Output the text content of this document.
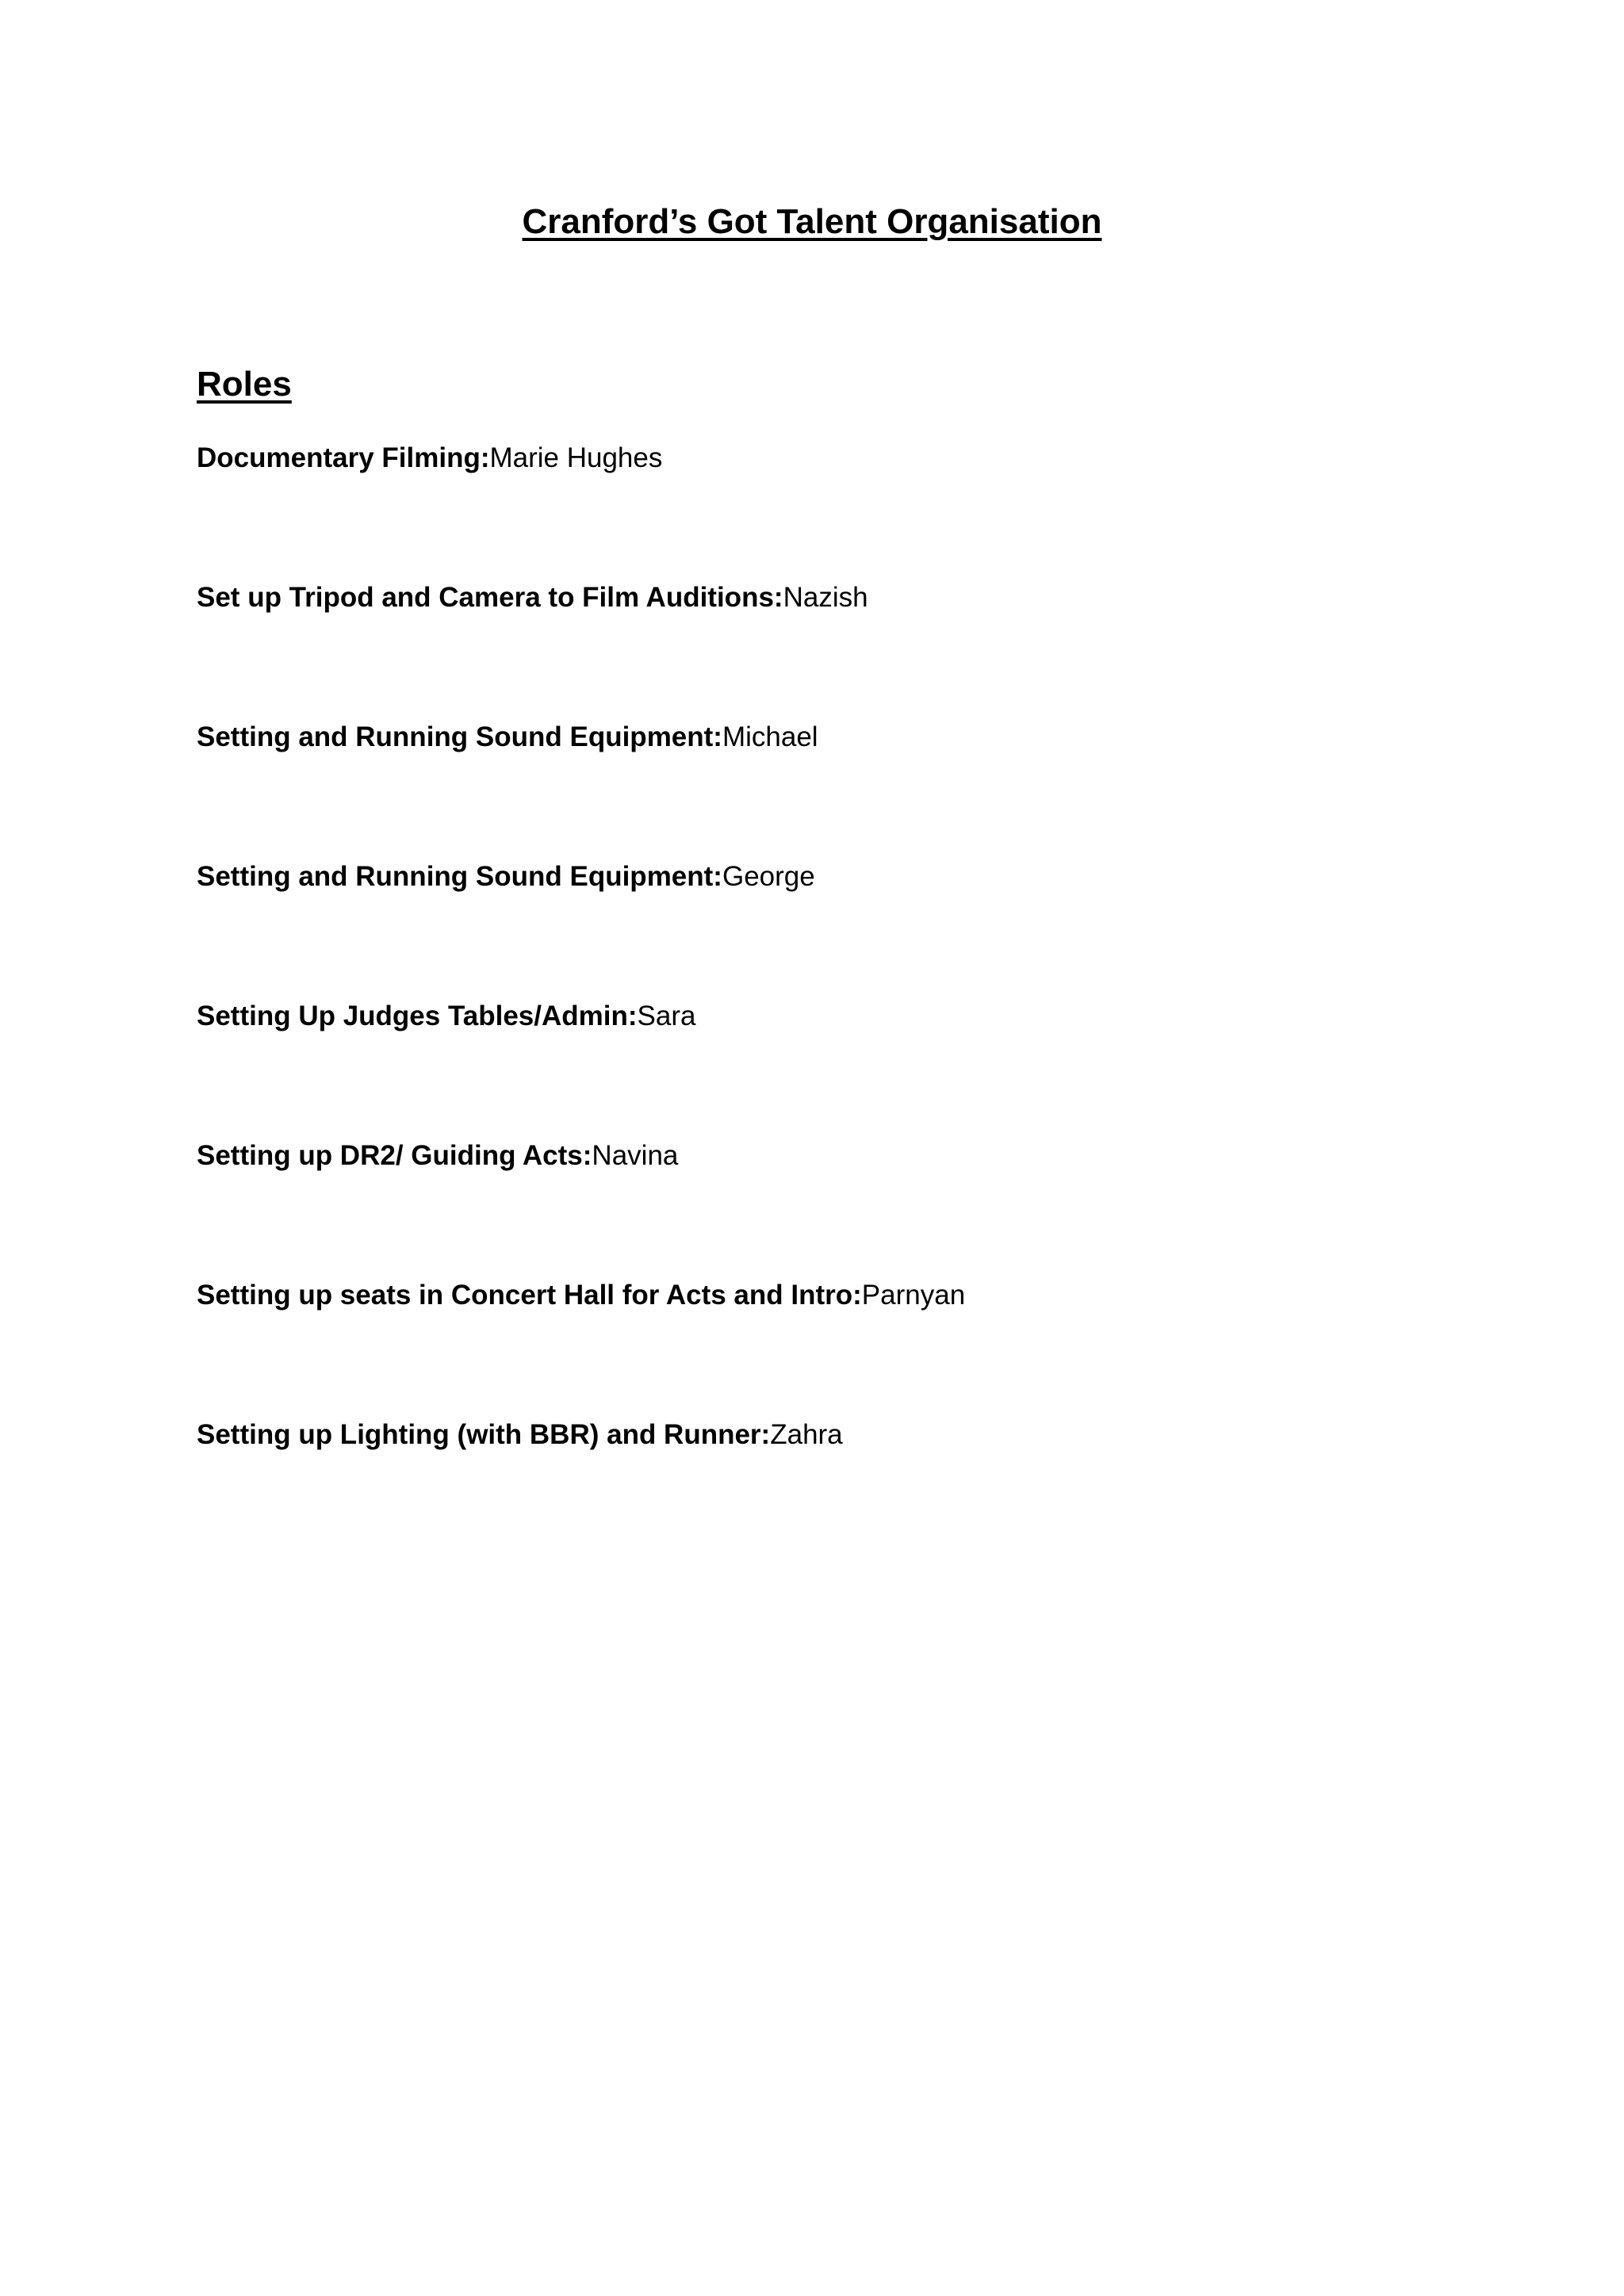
Cranford’s Got Talent Organisation
Roles
Documentary Filming:Marie Hughes
Set up Tripod and Camera to Film Auditions:Nazish
Setting and Running Sound Equipment:Michael
Setting and Running Sound Equipment:George
Setting Up Judges Tables/Admin:Sara
Setting up DR2/ Guiding Acts:Navina
Setting up seats in Concert Hall for Acts and Intro:Parnyan
Setting up Lighting (with BBR) and Runner:Zahra
